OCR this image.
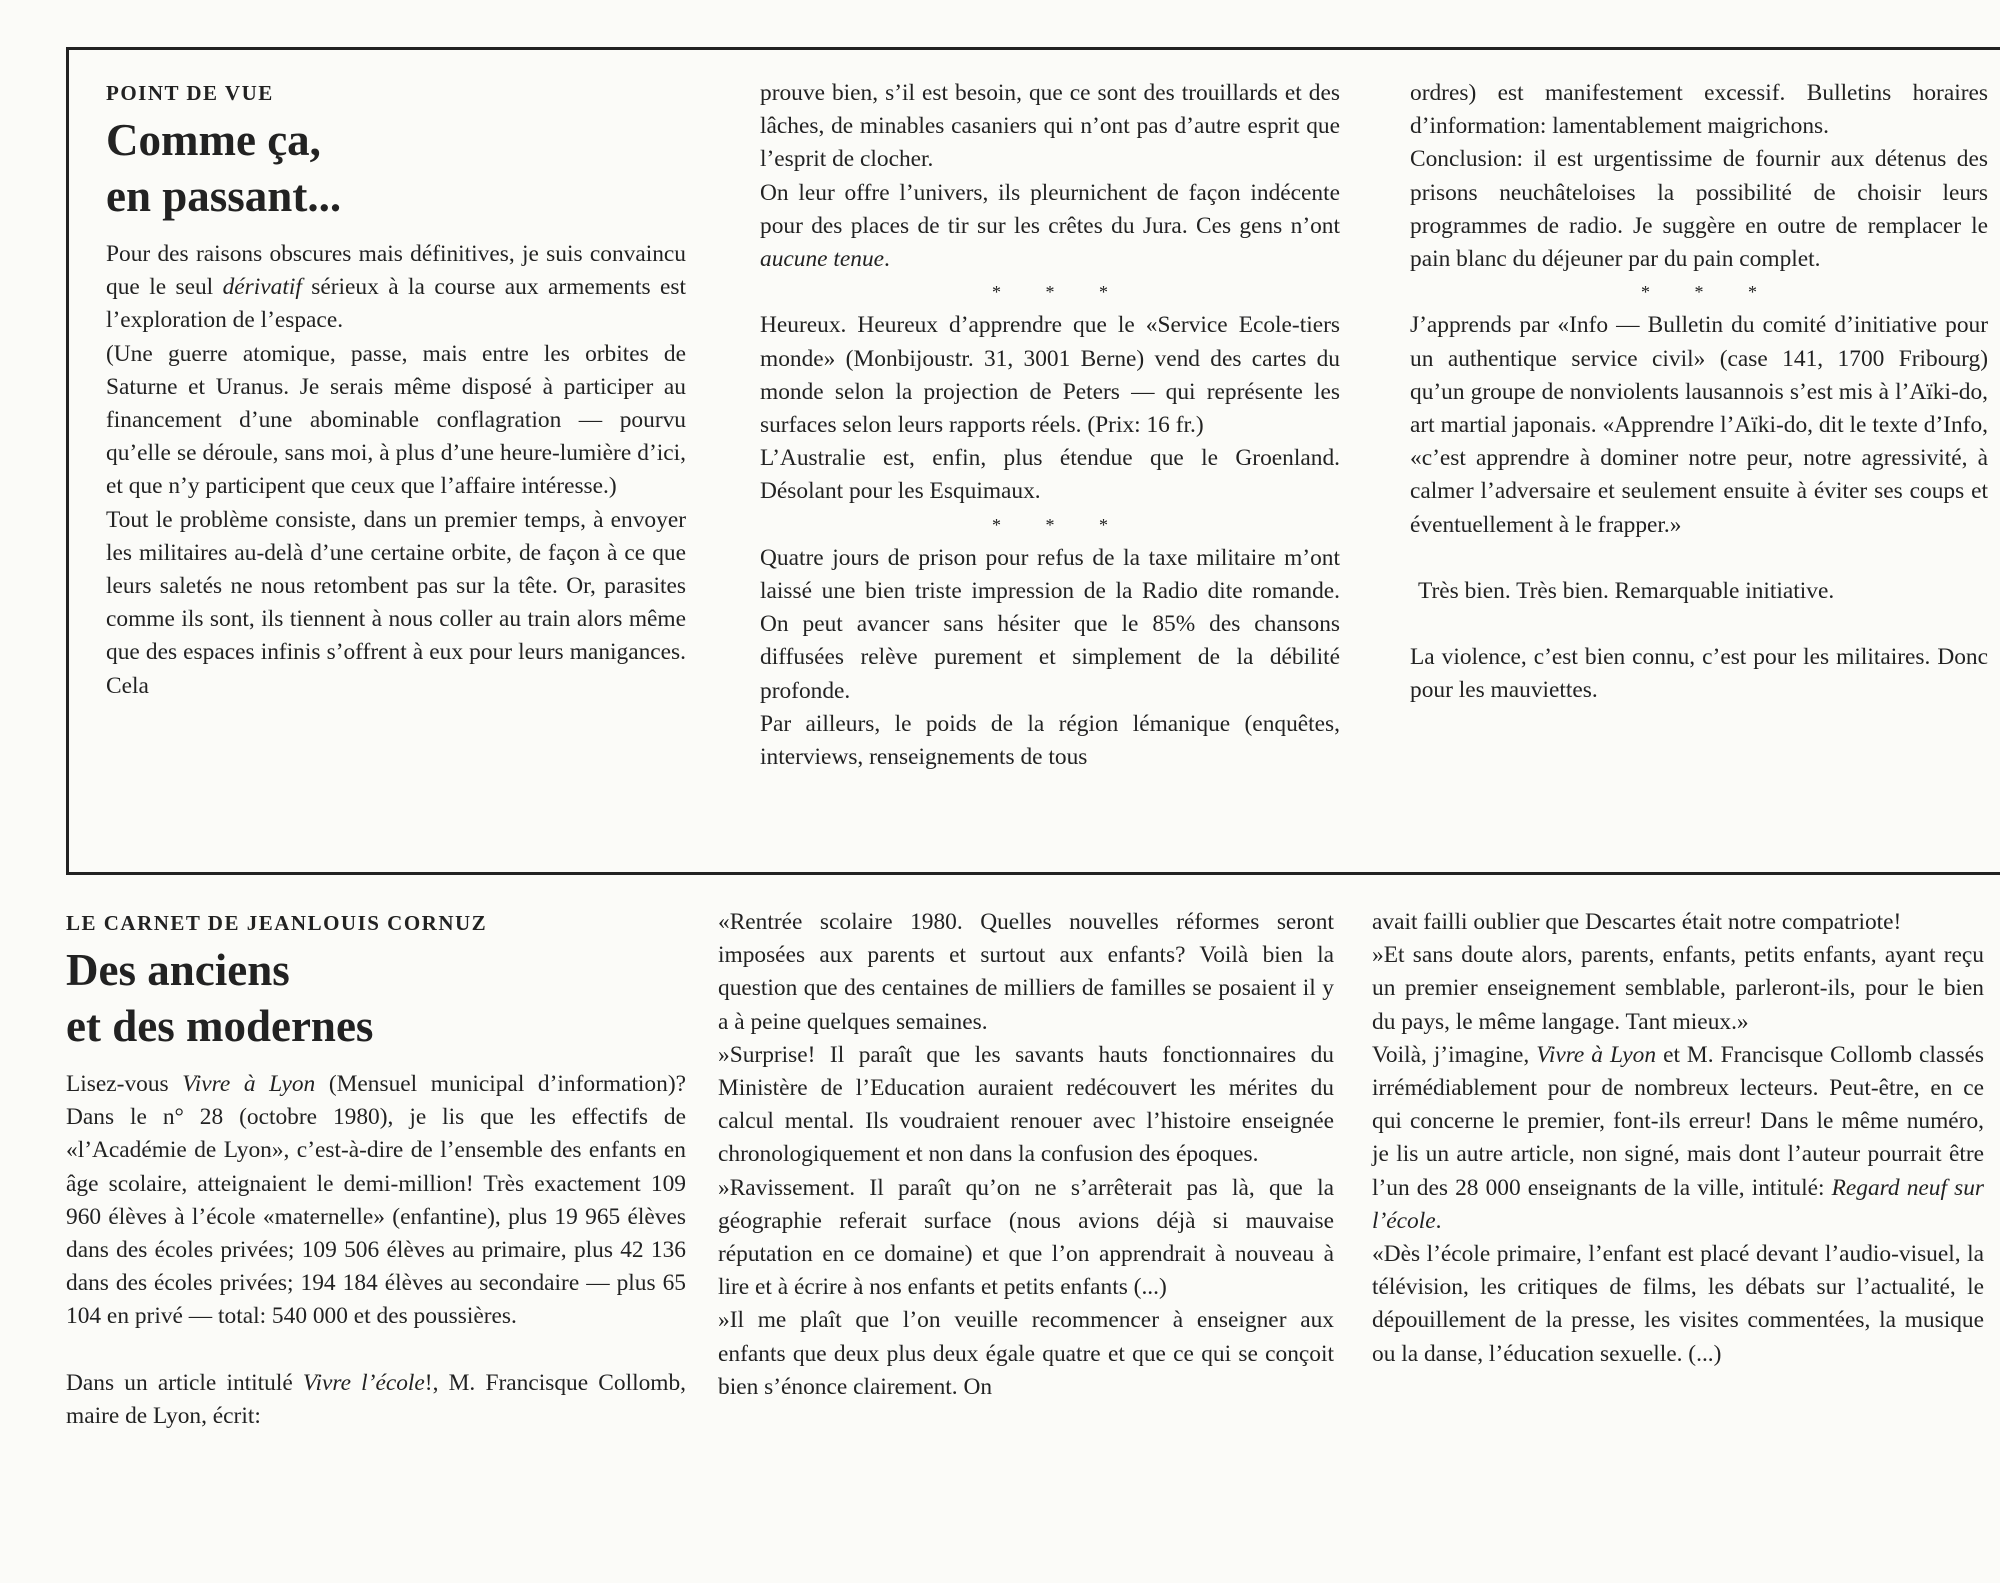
POINT DE VUE

Comme ça,
en passant...

Pour des raisons obscures mais définitives, je suis convaincu que le seul dérivatif sérieux à la course aux armements est l’exploration de l’espace.

(Une guerre atomique, passe, mais entre les orbites de Saturne et Uranus. Je serais même disposé à participer au financement d’une abominable conflagration — pourvu qu’elle se déroule, sans moi, à plus d’une heure-lumière d’ici, et que n’y participent que ceux que l’affaire intéresse.)

Tout le problème consiste, dans un premier temps, à envoyer les militaires au-delà d’une certaine orbite, de façon à ce que leurs saletés ne nous retombent pas sur la tête. Or, parasites comme ils sont, ils tiennent à nous coller au train alors même que des espaces infinis s’offrent à eux pour leurs manigances. Cela

prouve bien, s’il est besoin, que ce sont des trouillards et des lâches, de minables casaniers qui n’ont pas d’autre esprit que l’esprit de clocher.

On leur offre l’univers, ils pleurnichent de façon indécente pour des places de tir sur les crêtes du Jura. Ces gens n’ont aucune tenue.

* * *

Heureux. Heureux d’apprendre que le «Service Ecole-tiers monde» (Monbijoustr. 31, 3001 Berne) vend des cartes du monde selon la projection de Peters — qui représente les surfaces selon leurs rapports réels. (Prix: 16 fr.)

L’Australie est, enfin, plus étendue que le Groenland. Désolant pour les Esquimaux.

* * *

Quatre jours de prison pour refus de la taxe militaire m’ont laissé une bien triste impression de la Radio dite romande. On peut avancer sans hésiter que le 85% des chansons diffusées relève purement et simplement de la débilité profonde.

Par ailleurs, le poids de la région lémanique (enquêtes, interviews, renseignements de tous

ordres) est manifestement excessif. Bulletins horaires d’information: lamentablement maigrichons.

Conclusion: il est urgentissime de fournir aux détenus des prisons neuchâteloises la possibilité de choisir leurs programmes de radio. Je suggère en outre de remplacer le pain blanc du déjeuner par du pain complet.

* * *

J’apprends par «Info — Bulletin du comité d’initiative pour un authentique service civil» (case 141, 1700 Fribourg) qu’un groupe de nonviolents lausannois s’est mis à l’Aïki-do, art martial japonais. «Apprendre l’Aïki-do, dit le texte d’Info, «c’est apprendre à dominer notre peur, notre agressivité, à calmer l’adversaire et seulement ensuite à éviter ses coups et éventuellement à le frapper.»

Très bien. Très bien. Remarquable initiative.

La violence, c’est bien connu, c’est pour les militaires. Donc pour les mauviettes.

LE CARNET DE JEANLOUIS CORNUZ

Des anciens
et des modernes

Lisez-vous Vivre à Lyon (Mensuel municipal d’information)? Dans le n° 28 (octobre 1980), je lis que les effectifs de «l’Académie de Lyon», c’est-à-dire de l’ensemble des enfants en âge scolaire, atteignaient le demi-million! Très exactement 109 960 élèves à l’école «maternelle» (enfantine), plus 19 965 élèves dans des écoles privées; 109 506 élèves au primaire, plus 42 136 dans des écoles privées; 194 184 élèves au secondaire — plus 65 104 en privé — total: 540 000 et des poussières.

Dans un article intitulé Vivre l’école!, M. Francisque Collomb, maire de Lyon, écrit:

«Rentrée scolaire 1980. Quelles nouvelles réformes seront imposées aux parents et surtout aux enfants? Voilà bien la question que des centaines de milliers de familles se posaient il y a à peine quelques semaines.

»Surprise! Il paraît que les savants hauts fonctionnaires du Ministère de l’Education auraient redécouvert les mérites du calcul mental. Ils voudraient renouer avec l’histoire enseignée chronologiquement et non dans la confusion des époques.

»Ravissement. Il paraît qu’on ne s’arrêterait pas là, que la géographie referait surface (nous avions déjà si mauvaise réputation en ce domaine) et que l’on apprendrait à nouveau à lire et à écrire à nos enfants et petits enfants (...)

»Il me plaît que l’on veuille recommencer à enseigner aux enfants que deux plus deux égale quatre et que ce qui se conçoit bien s’énonce clairement. On

avait failli oublier que Descartes était notre compatriote!

»Et sans doute alors, parents, enfants, petits enfants, ayant reçu un premier enseignement semblable, parleront-ils, pour le bien du pays, le même langage. Tant mieux.»

Voilà, j’imagine, Vivre à Lyon et M. Francisque Collomb classés irrémédiablement pour de nombreux lecteurs. Peut-être, en ce qui concerne le premier, font-ils erreur! Dans le même numéro, je lis un autre article, non signé, mais dont l’auteur pourrait être l’un des 28 000 enseignants de la ville, intitulé: Regard neuf sur l’école.

«Dès l’école primaire, l’enfant est placé devant l’audio-visuel, la télévision, les critiques de films, les débats sur l’actualité, le dépouillement de la presse, les visites commentées, la musique ou la danse, l’éducation sexuelle. (...)
